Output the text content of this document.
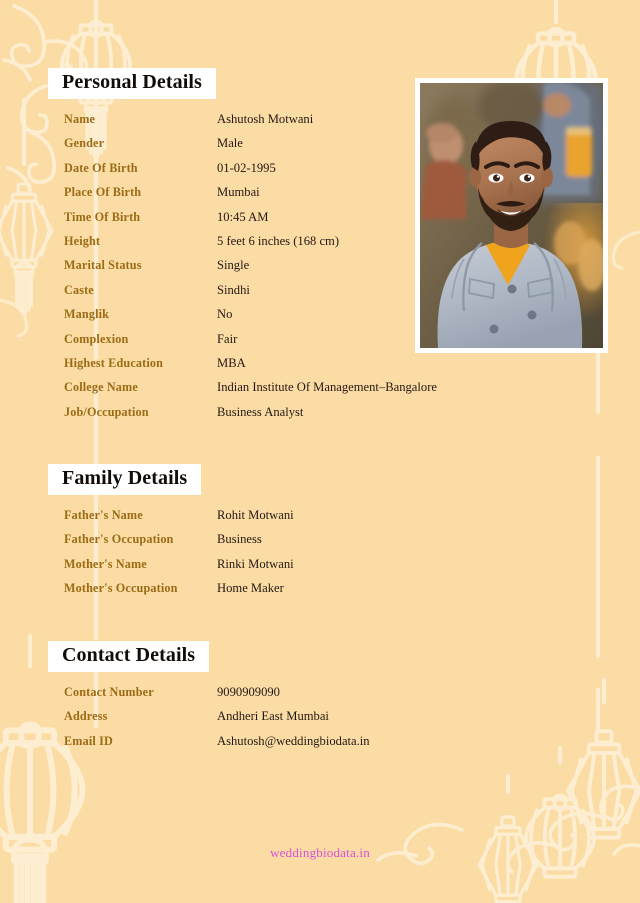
Personal Details
Name	Ashutosh Motwani
Gender	Male
Date Of Birth	01-02-1995
Place Of Birth	Mumbai
Time Of Birth	10:45 AM
Height	5 feet 6 inches (168 cm)
Marital Status	Single
Caste	Sindhi
Manglik	No
Complexion	Fair
Highest Education	MBA
College Name	Indian Institute Of Management–Bangalore
Job/Occupation	Business Analyst
Family Details
Father's Name	Rohit Motwani
Father's Occupation	Business
Mother's Name	Rinki Motwani
Mother's Occupation	Home Maker
Contact Details
Contact Number	9090909090
Address	Andheri East Mumbai
Email ID	Ashutosh@weddingbiodata.in
weddingbiodata.in
